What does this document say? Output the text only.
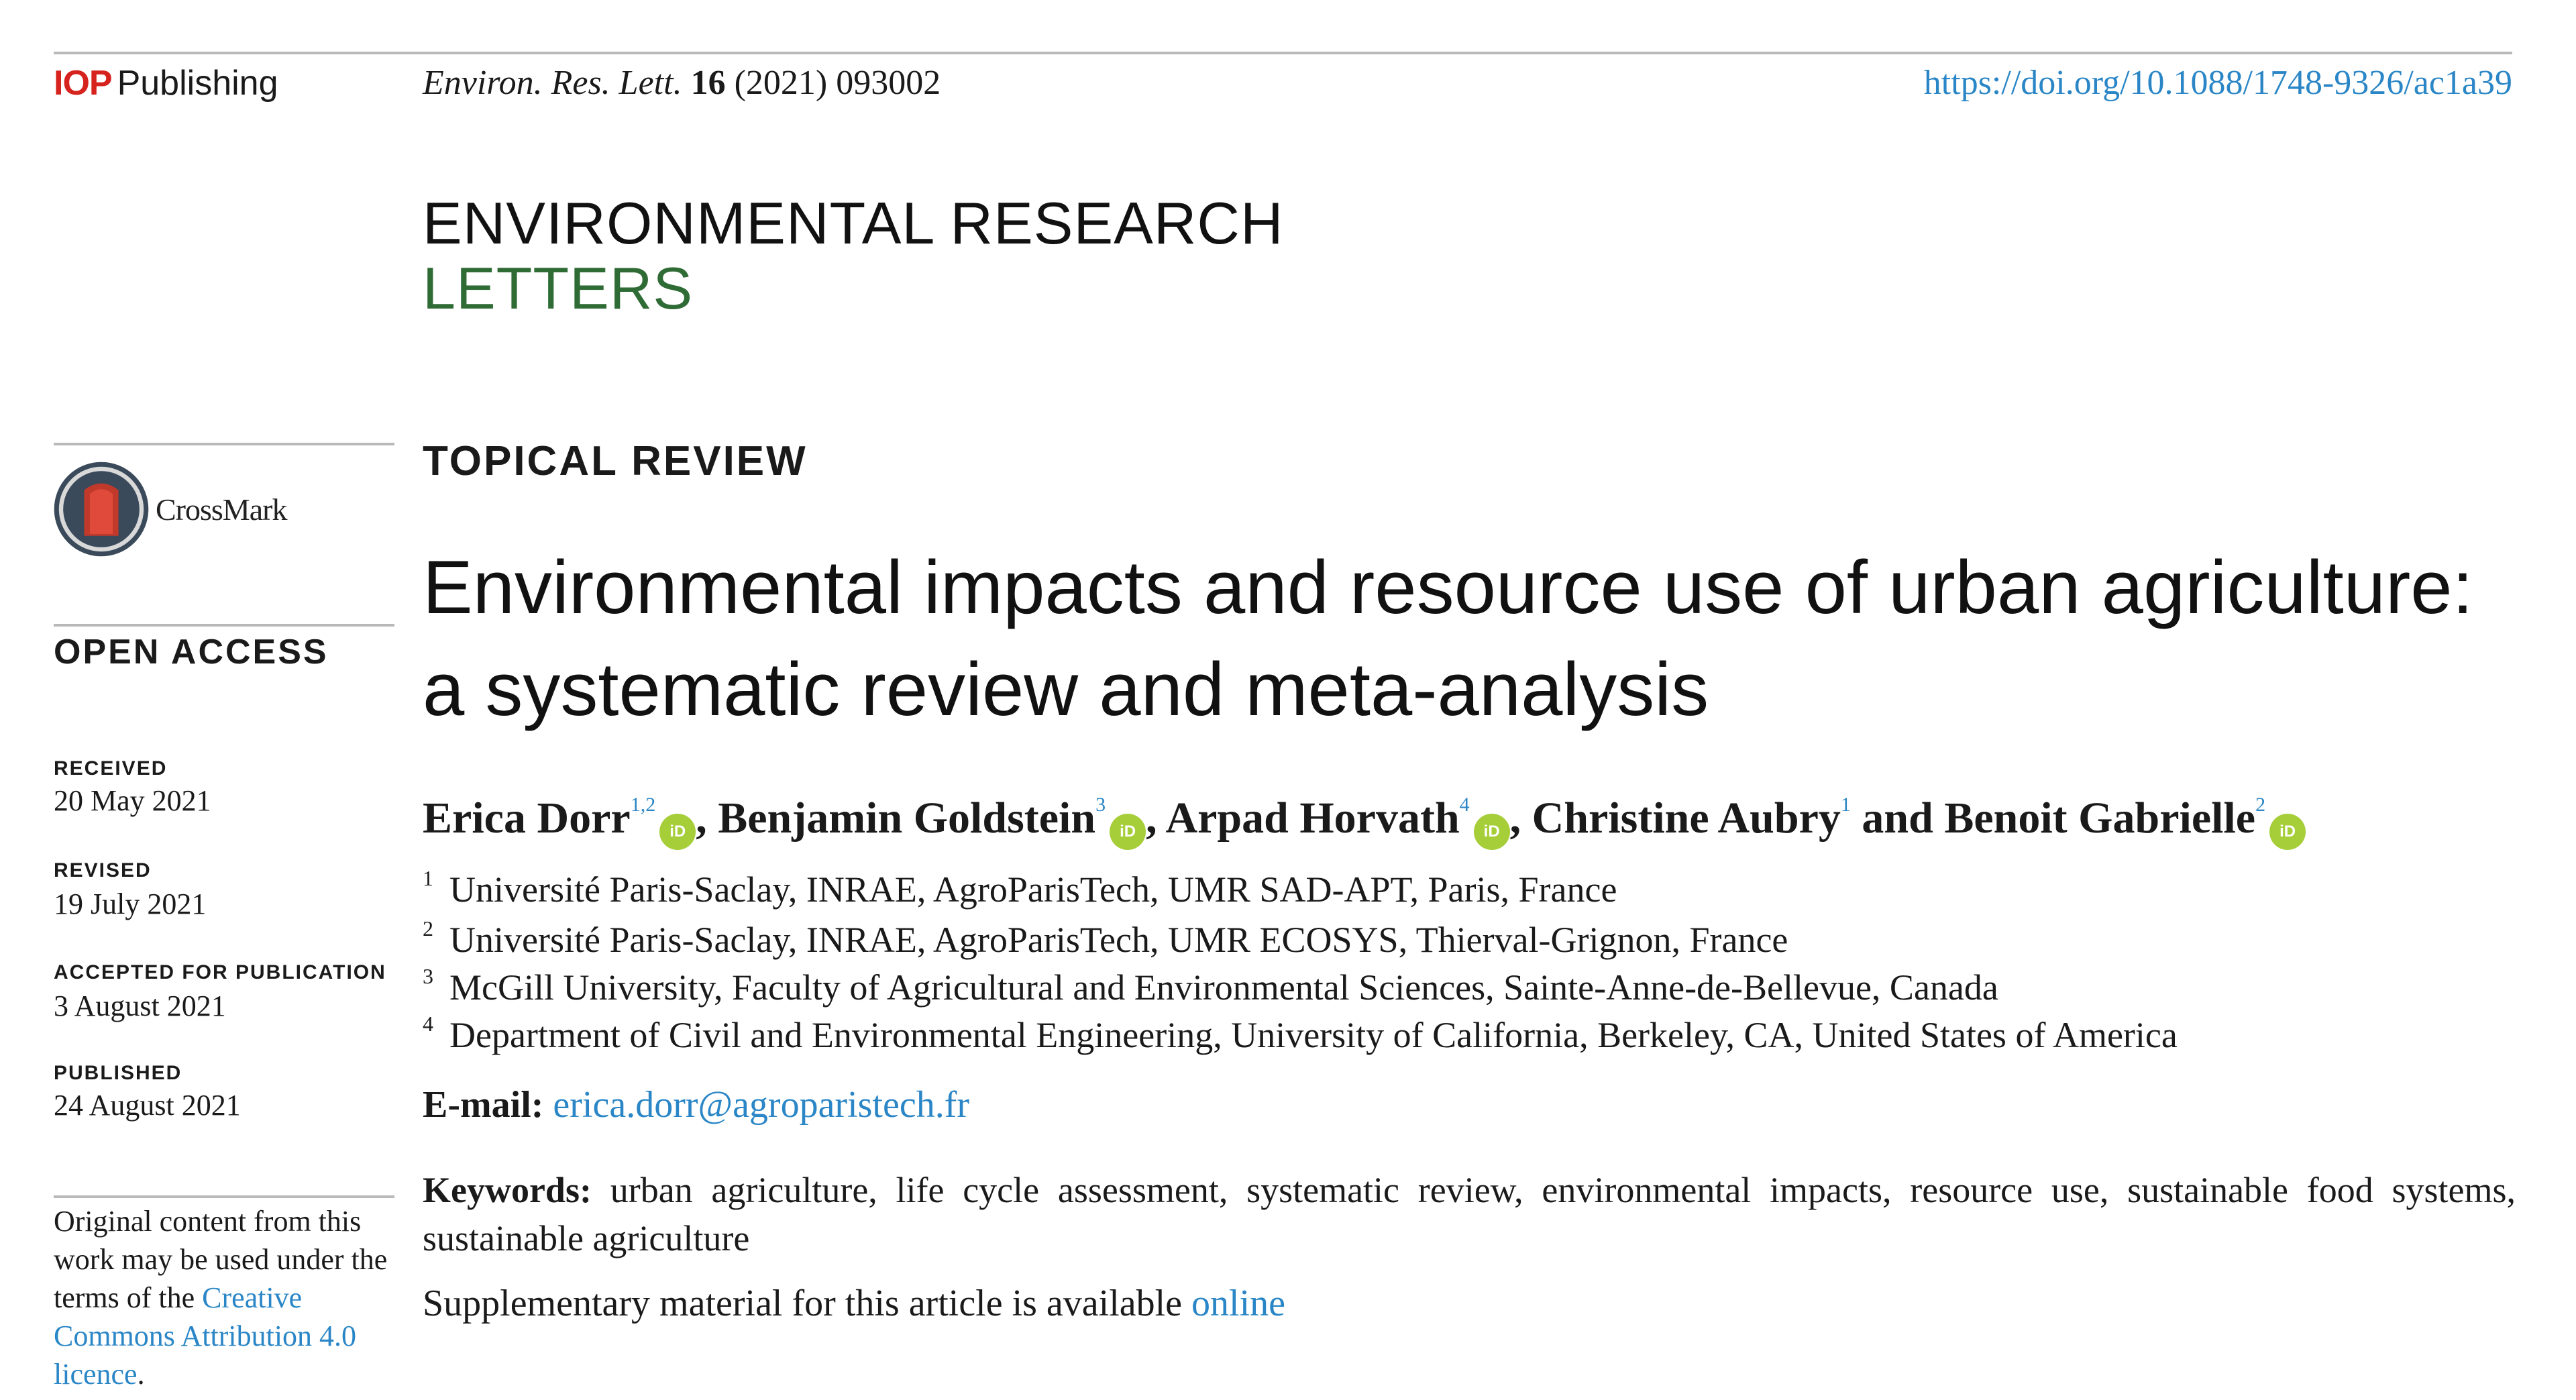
IOP Publishing	Environ. Res. Lett. 16 (2021) 093002	https://doi.org/10.1088/1748-9326/ac1a39
ENVIRONMENTAL RESEARCH
LETTERS
CrossMark
OPEN ACCESS
RECEIVED
20 May 2021
REVISED
19 July 2021
ACCEPTED FOR PUBLICATION
3 August 2021
PUBLISHED
24 August 2021
Original content from this work may be used under the terms of the Creative Commons Attribution 4.0 licence.
TOPICAL REVIEW
Environmental impacts and resource use of urban agriculture: a systematic review and meta-analysis
Erica Dorr$^{1,2}$iD , Benjamin Goldstein$^3$iD , Arpad Horvath$^4$iD , Christine Aubry$^1$ and Benoit Gabrielle$^2$iD
$^1$ Université Paris-Saclay, INRAE, AgroParisTech, UMR SAD-APT, Paris, France
$^2$ Université Paris-Saclay, INRAE, AgroParisTech, UMR ECOSYS, Thierval-Grignon, France
$^3$ McGill University, Faculty of Agricultural and Environmental Sciences, Sainte-Anne-de-Bellevue, Canada
$^4$ Department of Civil and Environmental Engineering, University of California, Berkeley, CA, United States of America
E-mail: erica.dorr@agroparistech.fr
Keywords: urban agriculture, life cycle assessment, systematic review, environmental impacts, resource use, sustainable food systems, sustainable agriculture
Supplementary material for this article is available online
